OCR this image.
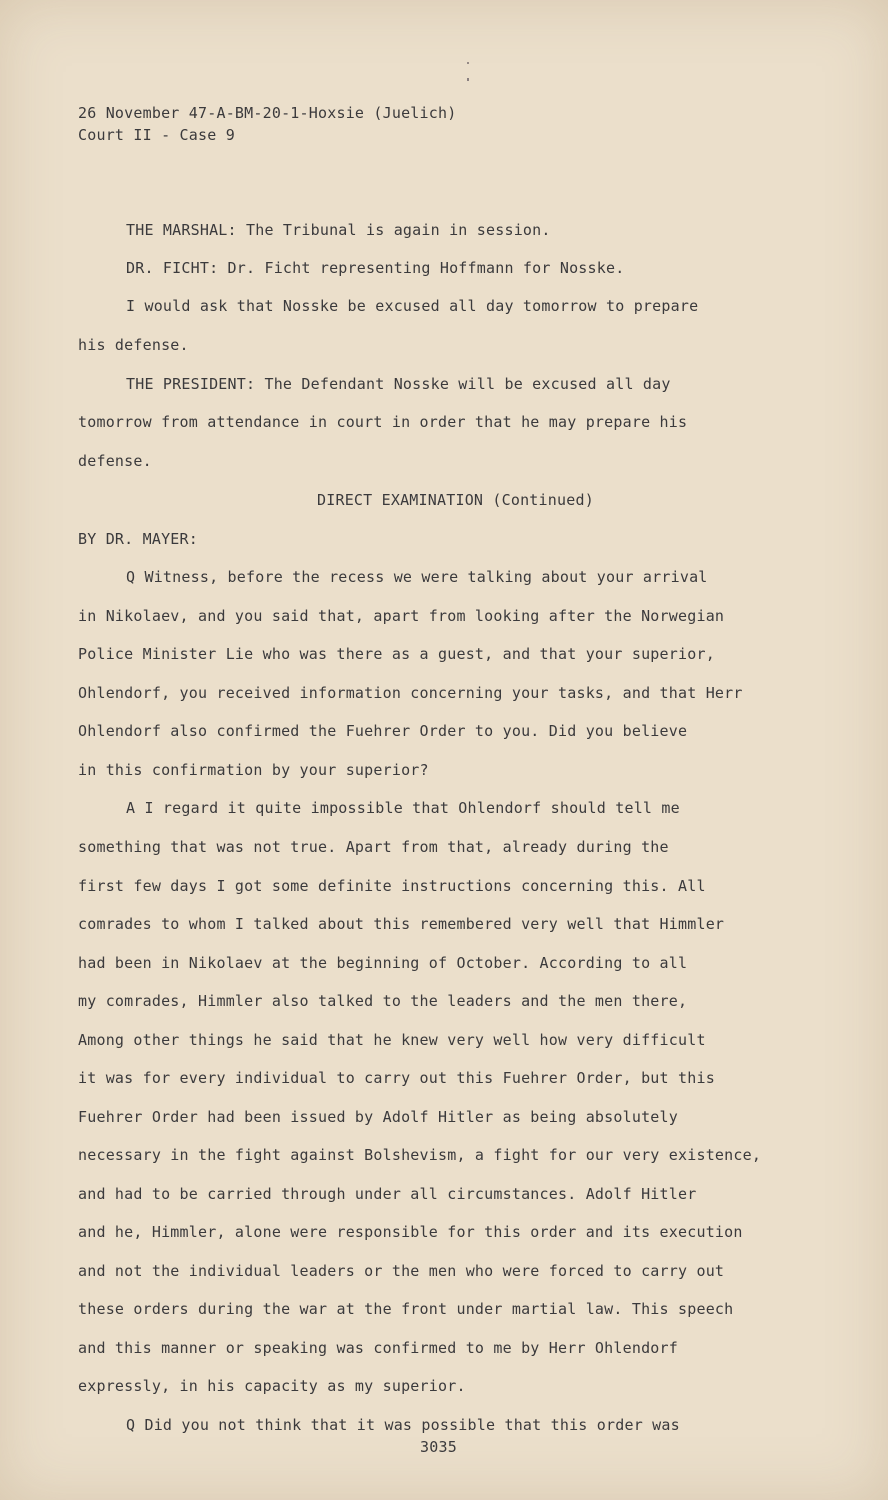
26 November 47-A-BM-20-1-Hoxsie (Juelich)
Court II - Case 9
THE MARSHAL: The Tribunal is again in session.
DR. FICHT: Dr. Ficht representing Hoffmann for Nosske.
I would ask that Nosske be excused all day tomorrow to prepare
his defense.
THE PRESIDENT: The Defendant Nosske will be excused all day
tomorrow from attendance in court in order that he may prepare his
defense.
DIRECT EXAMINATION (Continued)
BY DR. MAYER:
Q Witness, before the recess we were talking about your arrival
in Nikolaev, and you said that, apart from looking after the Norwegian
Police Minister Lie who was there as a guest, and that your superior,
Ohlendorf, you received information concerning your tasks, and that Herr
Ohlendorf also confirmed the Fuehrer Order to you. Did you believe
in this confirmation by your superior?
A I regard it quite impossible that Ohlendorf should tell me
something that was not true. Apart from that, already during the
first few days I got some definite instructions concerning this. All
comrades to whom I talked about this remembered very well that Himmler
had been in Nikolaev at the beginning of October. According to all
my comrades, Himmler also talked to the leaders and the men there,
Among other things he said that he knew very well how very difficult
it was for every individual to carry out this Fuehrer Order, but this
Fuehrer Order had been issued by Adolf Hitler as being absolutely
necessary in the fight against Bolshevism, a fight for our very existence,
and had to be carried through under all circumstances. Adolf Hitler
and he, Himmler, alone were responsible for this order and its execution
and not the individual leaders or the men who were forced to carry out
these orders during the war at the front under martial law. This speech
and this manner or speaking was confirmed to me by Herr Ohlendorf
expressly, in his capacity as my superior.
Q Did you not think that it was possible that this order was
3035
